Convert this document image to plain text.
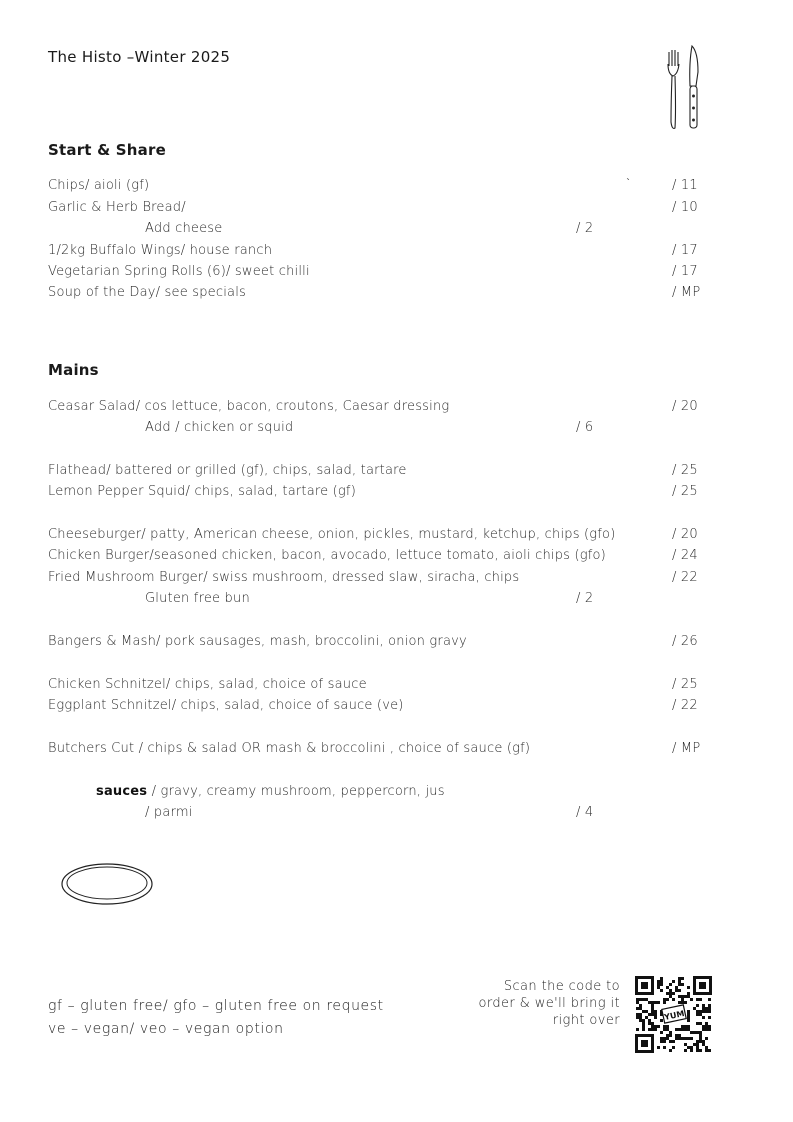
The Histo –Winter 2025
Start & Share
`
Chips/ aioli (gf)	/ 11
Garlic & Herb Bread/	/ 10
Add cheese	/ 2
1/2kg Buffalo Wings/ house ranch	/ 17
Vegetarian Spring Rolls (6)/ sweet chilli	/ 17
Soup of the Day/ see specials	/ MP
Mains
Ceasar Salad/ cos lettuce, bacon, croutons, Caesar dressing	/ 20
Add / chicken or squid	/ 6
Flathead/ battered or grilled (gf), chips, salad, tartare	/ 25
Lemon Pepper Squid/ chips, salad, tartare (gf)	/ 25
Cheeseburger/ patty, American cheese, onion, pickles, mustard, ketchup, chips (gfo)	/ 20
Chicken Burger/seasoned chicken, bacon, avocado, lettuce tomato, aioli chips (gfo)	/ 24
Fried Mushroom Burger/ swiss mushroom, dressed slaw, siracha, chips	/ 22
Gluten free bun	/ 2
Bangers & Mash/ pork sausages, mash, broccolini, onion gravy	/ 26
Chicken Schnitzel/ chips, salad, choice of sauce	/ 25
Eggplant Schnitzel/ chips, salad, choice of sauce (ve)	/ 22
Butchers Cut / chips & salad OR mash & broccolini , choice of sauce (gf)	/ MP
sauces / gravy, creamy mushroom, peppercorn, jus
/ parmi	/ 4
gf – gluten free/ gfo – gluten free on request
ve – vegan/ veo – vegan option
Scan the code to order & we'll bring it right over	YUM
